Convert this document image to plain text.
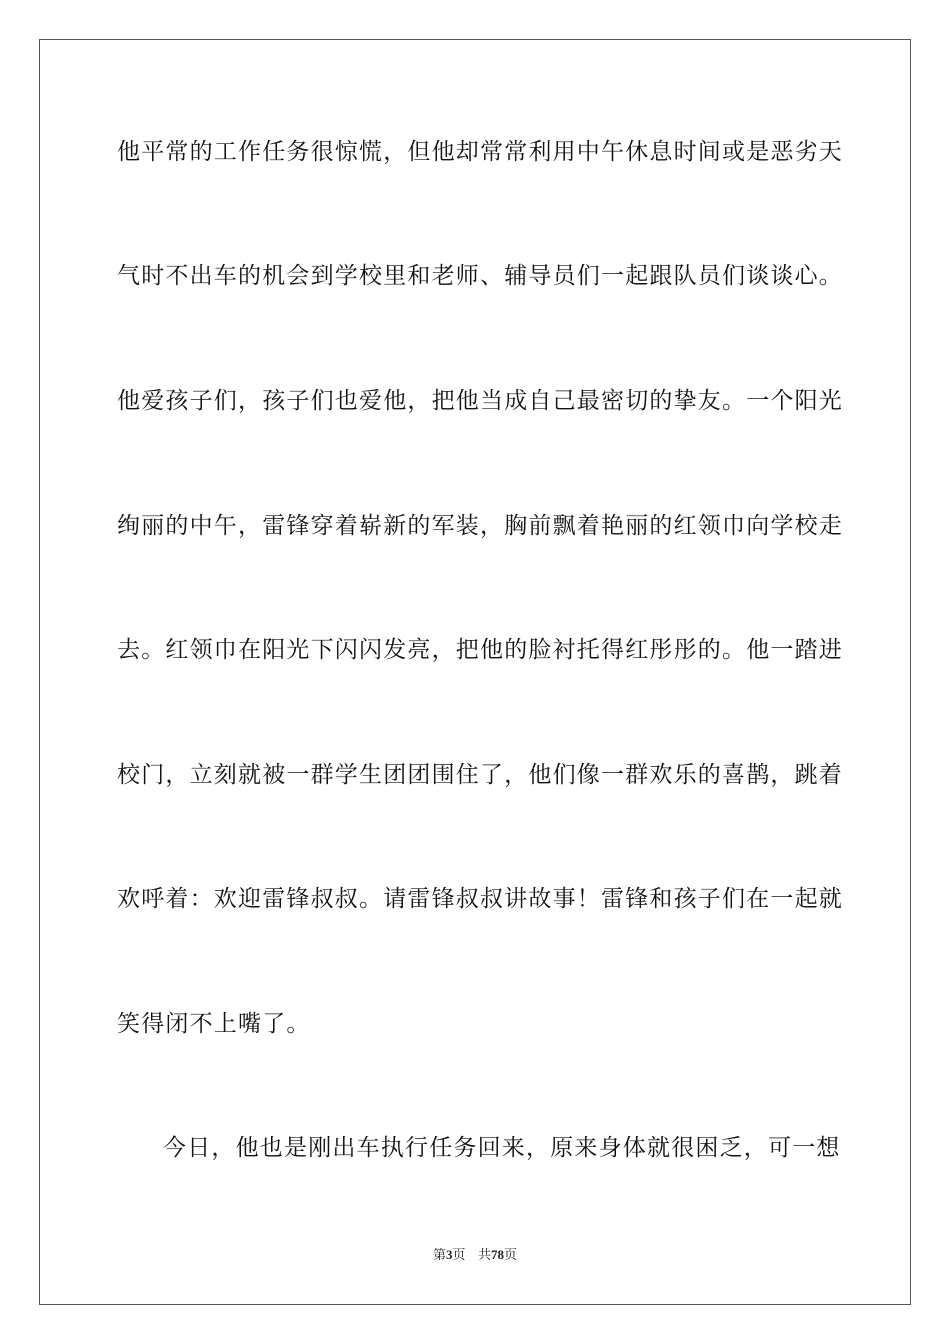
他平常的工作任务很惊慌，但他却常常利用中午休息时间或是恶劣天
气时不出车的机会到学校里和老师、辅导员们一起跟队员们谈谈心。
他爱孩子们，孩子们也爱他，把他当成自己最密切的挚友。一个阳光
绚丽的中午，雷锋穿着崭新的军装，胸前飘着艳丽的红领巾向学校走
去。红领巾在阳光下闪闪发亮，把他的脸衬托得红彤彤的。他一踏进
校门，立刻就被一群学生团团围住了，他们像一群欢乐的喜鹊，跳着
欢呼着：欢迎雷锋叔叔。请雷锋叔叔讲故事！雷锋和孩子们在一起就
笑得闭不上嘴了。
今日，他也是刚出车执行任务回来，原来身体就很困乏，可一想
第3页 共78页
